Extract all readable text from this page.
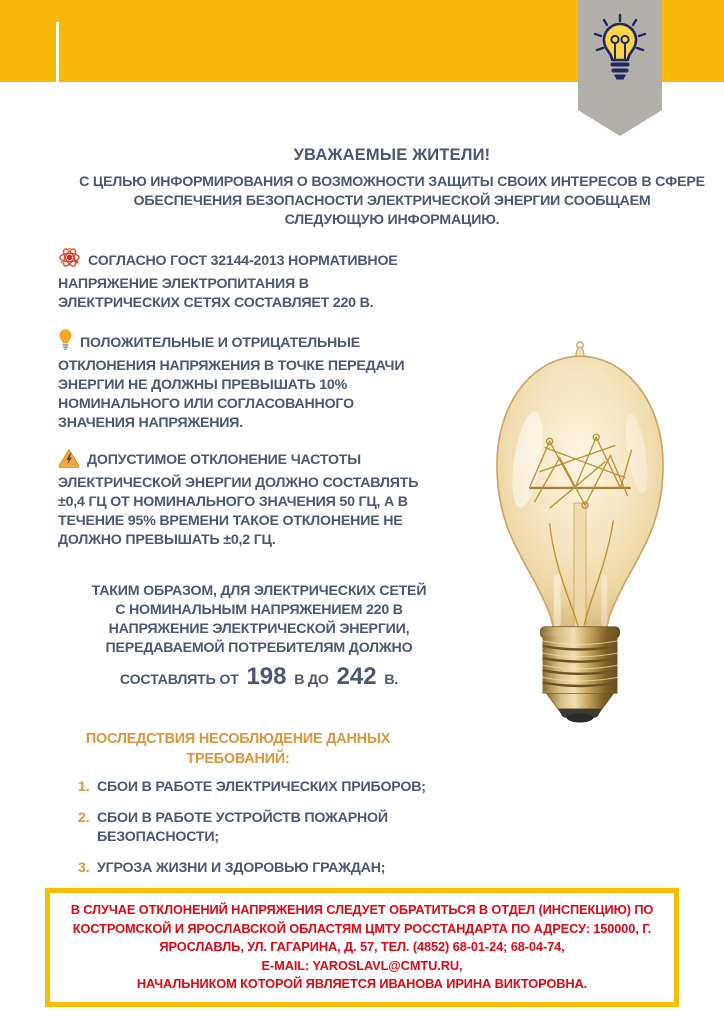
УВАЖАЕМЫЕ ЖИТЕЛИ!
С ЦЕЛЬЮ ИНФОРМИРОВАНИЯ О ВОЗМОЖНОСТИ ЗАЩИТЫ СВОИХ ИНТЕРЕСОВ В СФЕРЕ
ОБЕСПЕЧЕНИЯ БЕЗОПАСНОСТИ ЭЛЕКТРИЧЕСКОЙ ЭНЕРГИИ СООБЩАЕМ
СЛЕДУЮЩУЮ ИНФОРМАЦИЮ.
СОГЛАСНО ГОСТ 32144-2013 НОРМАТИВНОЕ
НАПРЯЖЕНИЕ ЭЛЕКТРОПИТАНИЯ В
ЭЛЕКТРИЧЕСКИХ СЕТЯХ СОСТАВЛЯЕТ 220 В.
ПОЛОЖИТЕЛЬНЫЕ И ОТРИЦАТЕЛЬНЫЕ
ОТКЛОНЕНИЯ НАПРЯЖЕНИЯ В ТОЧКЕ ПЕРЕДАЧИ
ЭНЕРГИИ НЕ ДОЛЖНЫ ПРЕВЫШАТЬ 10%
НОМИНАЛЬНОГО ИЛИ СОГЛАСОВАННОГО
ЗНАЧЕНИЯ НАПРЯЖЕНИЯ.
ДОПУСТИМОЕ ОТКЛОНЕНИЕ ЧАСТОТЫ
ЭЛЕКТРИЧЕСКОЙ ЭНЕРГИИ ДОЛЖНО СОСТАВЛЯТЬ
±0,4 ГЦ ОТ НОМИНАЛЬНОГО ЗНАЧЕНИЯ 50 ГЦ, А В
ТЕЧЕНИЕ 95% ВРЕМЕНИ ТАКОЕ ОТКЛОНЕНИЕ НЕ
ДОЛЖНО ПРЕВЫШАТЬ ±0,2 ГЦ.
ТАКИМ ОБРАЗОМ, ДЛЯ ЭЛЕКТРИЧЕСКИХ СЕТЕЙ
С НОМИНАЛЬНЫМ НАПРЯЖЕНИЕМ 220 В
НАПРЯЖЕНИЕ ЭЛЕКТРИЧЕСКОЙ ЭНЕРГИИ,
ПЕРЕДАВАЕМОЙ ПОТРЕБИТЕЛЯМ ДОЛЖНО
СОСТАВЛЯТЬ ОТ 198 В ДО 242 В.
ПОСЛЕДСТВИЯ НЕСОБЛЮДЕНИЕ ДАННЫХ
ТРЕБОВАНИЙ:
1. СБОИ В РАБОТЕ ЭЛЕКТРИЧЕСКИХ ПРИБОРОВ;
2. СБОИ В РАБОТЕ УСТРОЙСТВ ПОЖАРНОЙ БЕЗОПАСНОСТИ;
3. УГРОЗА ЖИЗНИ И ЗДОРОВЬЮ ГРАЖДАН;
В СЛУЧАЕ ОТКЛОНЕНИЙ НАПРЯЖЕНИЯ СЛЕДУЕТ ОБРАТИТЬСЯ В ОТДЕЛ (ИНСПЕКЦИЮ) ПО
КОСТРОМСКОЙ И ЯРОСЛАВСКОЙ ОБЛАСТЯМ ЦМТУ РОССТАНДАРТА ПО АДРЕСУ: 150000, Г.
ЯРОСЛАВЛЬ, УЛ. ГАГАРИНА, Д. 57, ТЕЛ. (4852) 68-01-24; 68-04-74,
E-MAIL: YAROSLAVL@CMTU.RU,
НАЧАЛЬНИКОМ КОТОРОЙ ЯВЛЯЕТСЯ ИВАНОВА ИРИНА ВИКТОРОВНА.
